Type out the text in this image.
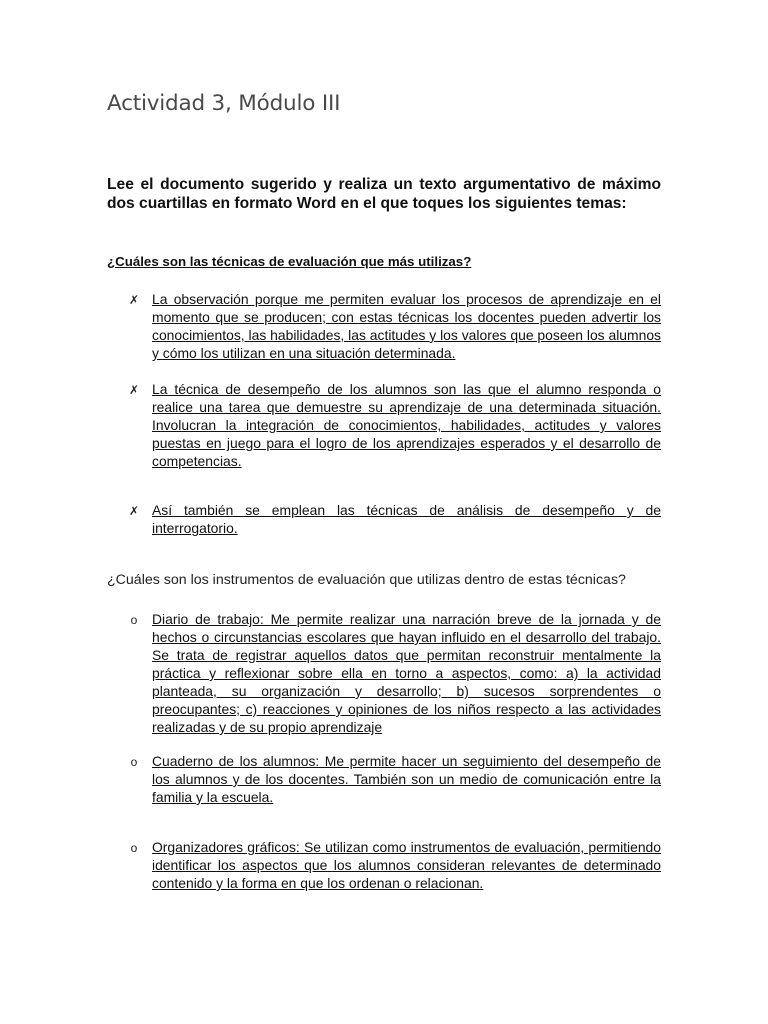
Actividad 3, Módulo III

Lee el documento sugerido y realiza un texto argumentativo de máximo dos cuartillas en formato Word en el que toques los siguientes temas:

¿Cuáles son las técnicas de evaluación que más utilizas?

✗ La observación porque me permiten evaluar los procesos de aprendizaje en el momento que se producen; con estas técnicas los docentes pueden advertir los conocimientos, las habilidades, las actitudes y los valores que poseen los alumnos y cómo los utilizan en una situación determinada.

✗ La técnica de desempeño de los alumnos son las que el alumno responda o realice una tarea que demuestre su aprendizaje de una determinada situación. Involucran la integración de conocimientos, habilidades, actitudes y valores puestas en juego para el logro de los aprendizajes esperados y el desarrollo de competencias.

✗ Así también se emplean las técnicas de análisis de desempeño y de interrogatorio.

¿Cuáles son los instrumentos de evaluación que utilizas dentro de estas técnicas?

o Diario de trabajo: Me permite realizar una narración breve de la jornada y de hechos o circunstancias escolares que hayan influido en el desarrollo del trabajo. Se trata de registrar aquellos datos que permitan reconstruir mentalmente la práctica y reflexionar sobre ella en torno a aspectos, como: a) la actividad planteada, su organización y desarrollo; b) sucesos sorprendentes o preocupantes; c) reacciones y opiniones de los niños respecto a las actividades realizadas y de su propio aprendizaje

o Cuaderno de los alumnos: Me permite hacer un seguimiento del desempeño de los alumnos y de los docentes. También son un medio de comunicación entre la familia y la escuela.

o Organizadores gráficos: Se utilizan como instrumentos de evaluación, permitiendo identificar los aspectos que los alumnos consideran relevantes de determinado contenido y la forma en que los ordenan o relacionan.
